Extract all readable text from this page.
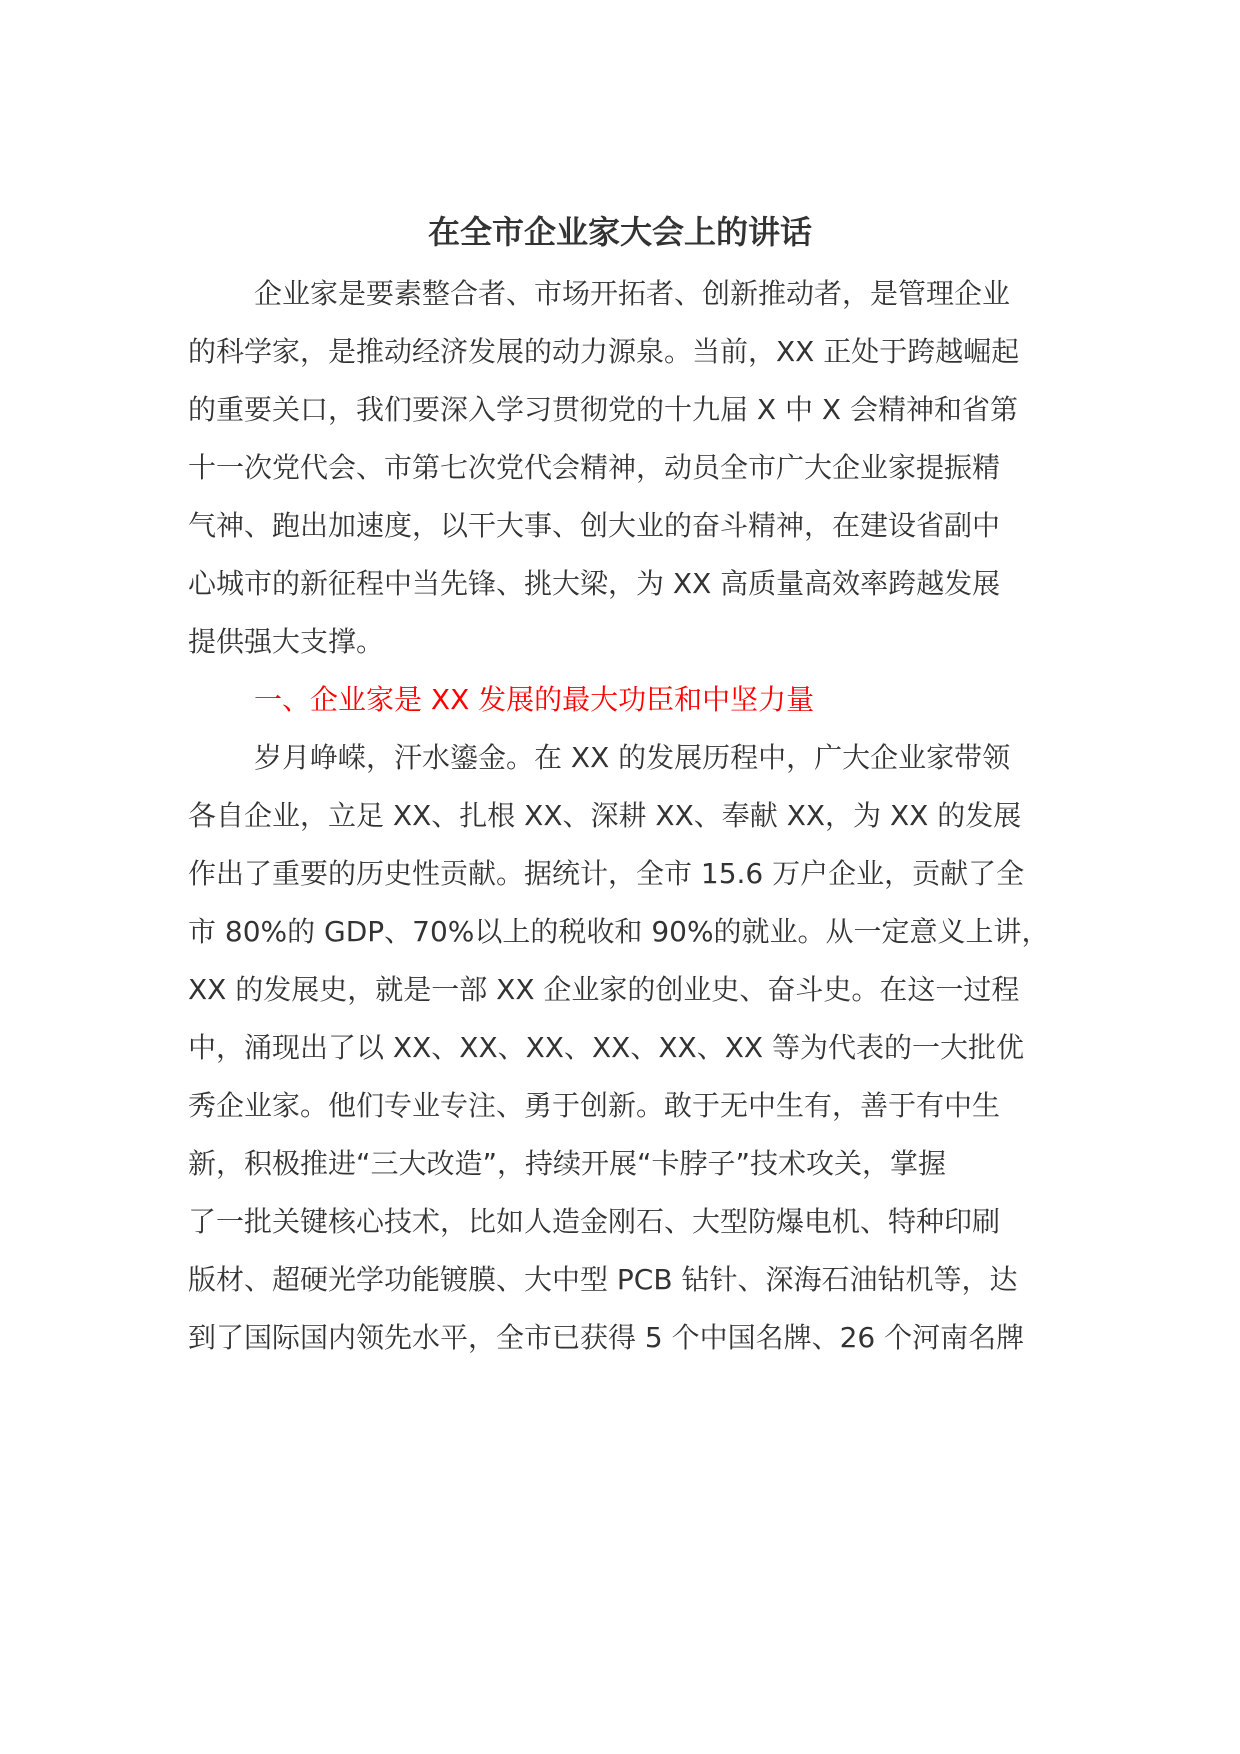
在全市企业家大会上的讲话
企业家是要素整合者、市场开拓者、创新推动者，是管理企业
的科学家，是推动经济发展的动力源泉。当前，XX 正处于跨越崛起
的重要关口，我们要深入学习贯彻党的十九届 X 中 X 会精神和省第
十一次党代会、市第七次党代会精神，动员全市广大企业家提振精
气神、跑出加速度，以干大事、创大业的奋斗精神，在建设省副中
心城市的新征程中当先锋、挑大梁，为 XX 高质量高效率跨越发展
提供强大支撑。
一、企业家是 XX 发展的最大功臣和中坚力量
岁月峥嵘，汗水鎏金。在 XX 的发展历程中，广大企业家带领
各自企业，立足 XX、扎根 XX、深耕 XX、奉献 XX，为 XX 的发展
作出了重要的历史性贡献。据统计，全市 15.6 万户企业，贡献了全
市 80%的 GDP、70%以上的税收和 90%的就业。从一定意义上讲，
XX 的发展史，就是一部 XX 企业家的创业史、奋斗史。在这一过程
中，涌现出了以 XX、XX、XX、XX、XX、XX 等为代表的一大批优
秀企业家。他们专业专注、勇于创新。敢于无中生有，善于有中生
新，积极推进“三大改造”，持续开展“卡脖子”技术攻关，掌握
了一批关键核心技术，比如人造金刚石、大型防爆电机、特种印刷
版材、超硬光学功能镀膜、大中型 PCB 钻针、深海石油钻机等，达
到了国际国内领先水平，全市已获得 5 个中国名牌、26 个河南名牌
